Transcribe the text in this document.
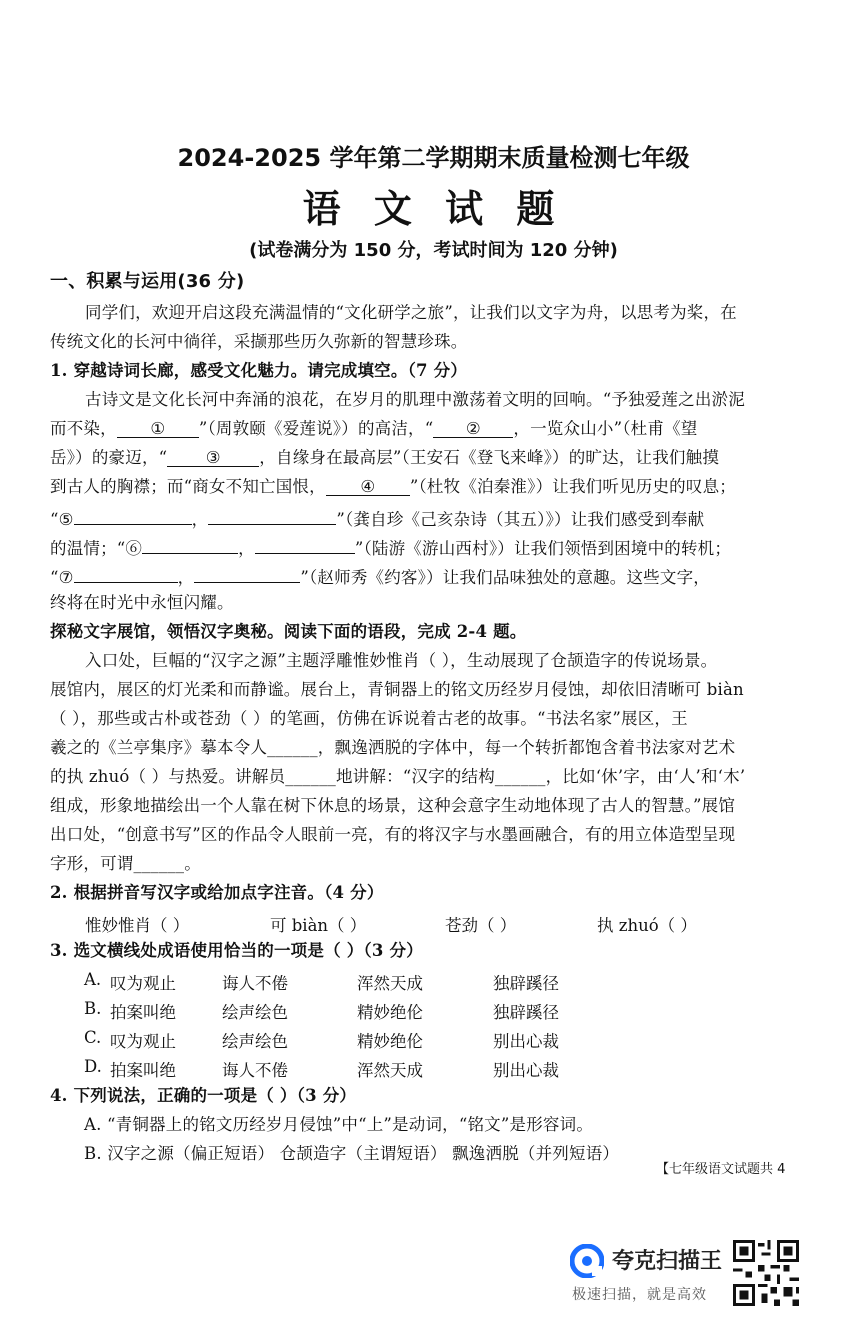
2024-2025 学年第二学期期末质量检测七年级
语 文 试 题
(试卷满分为 150 分，考试时间为 120 分钟)
一、积累与运用(36 分)
同学们，欢迎开启这段充满温情的“文化研学之旅”，让我们以文字为舟，以思考为桨，在
传统文化的长河中徜徉，采撷那些历久弥新的智慧珍珠。
1. 穿越诗词长廊，感受文化魅力。请完成填空。（7 分）
古诗文是文化长河中奔涌的浪花，在岁月的肌理中激荡着文明的回响。“予独爱莲之出淤泥
而不染， ① ”（周敦颐《爱莲说》）的高洁，“ ② ，一览众山小”（杜甫《望
岳》）的豪迈，“ ③ ，自缘身在最高层”（王安石《登飞来峰》）的旷达，让我们触摸
到古人的胸襟；而“商女不知亡国恨， ④ ”（杜牧《泊秦淮》）让我们听见历史的叹息；
“⑤	，	”（龚自珍《己亥杂诗（其五）》）让我们感受到奉献
的温情；“⑥	，	”（陆游《游山西村》）让我们领悟到困境中的转机；
“⑦	，	”（赵师秀《约客》）让我们品味独处的意趣。这些文字，
终将在时光中永恒闪耀。
探秘文字展馆，领悟汉字奥秘。阅读下面的语段，完成 2-4 题。
入口处，巨幅的“汉字之源”主题浮雕惟妙惟肖（ ），生动展现了仓颉造字的传说场景。
展馆内，展区的灯光柔和而静谧。展台上，青铜器上的铭文历经岁月侵蚀，却依旧清晰可 biàn
（ ），那些或古朴或苍劲（ ）的笔画，仿佛在诉说着古老的故事。“书法名家”展区，王
羲之的《兰亭集序》摹本令人______，飘逸洒脱的字体中，每一个转折都饱含着书法家对艺术
的执 zhuó（ ）与热爱。讲解员______地讲解：“汉字的结构______，比如‘休’字，由‘人’和‘木’
组成，形象地描绘出一个人靠在树下休息的场景，这种会意字生动地体现了古人的智慧。”展馆
出口处，“创意书写”区的作品令人眼前一亮，有的将汉字与水墨画融合，有的用立体造型呈现
字形，可谓______。
2. 根据拼音写汉字或给加点字注音。（4 分）
惟妙惟肖（ ）	可 biàn（ ）	苍劲（ ）	执 zhuó（ ）
3. 选文横线处成语使用恰当的一项是（ ）（3 分）
A. 叹为观止	诲人不倦	浑然天成	独辟蹊径
B. 拍案叫绝	绘声绘色	精妙绝伦	独辟蹊径
C. 叹为观止	绘声绘色	精妙绝伦	别出心裁
D. 拍案叫绝	诲人不倦	浑然天成	别出心裁
4. 下列说法，正确的一项是（ ）（3 分）
A. “青铜器上的铭文历经岁月侵蚀”中“上”是动词，“铭文”是形容词。
B. 汉字之源（偏正短语） 仓颉造字（主谓短语） 飘逸洒脱（并列短语）
【七年级语文试题共 4
夸克扫描王
极速扫描，就是高效
